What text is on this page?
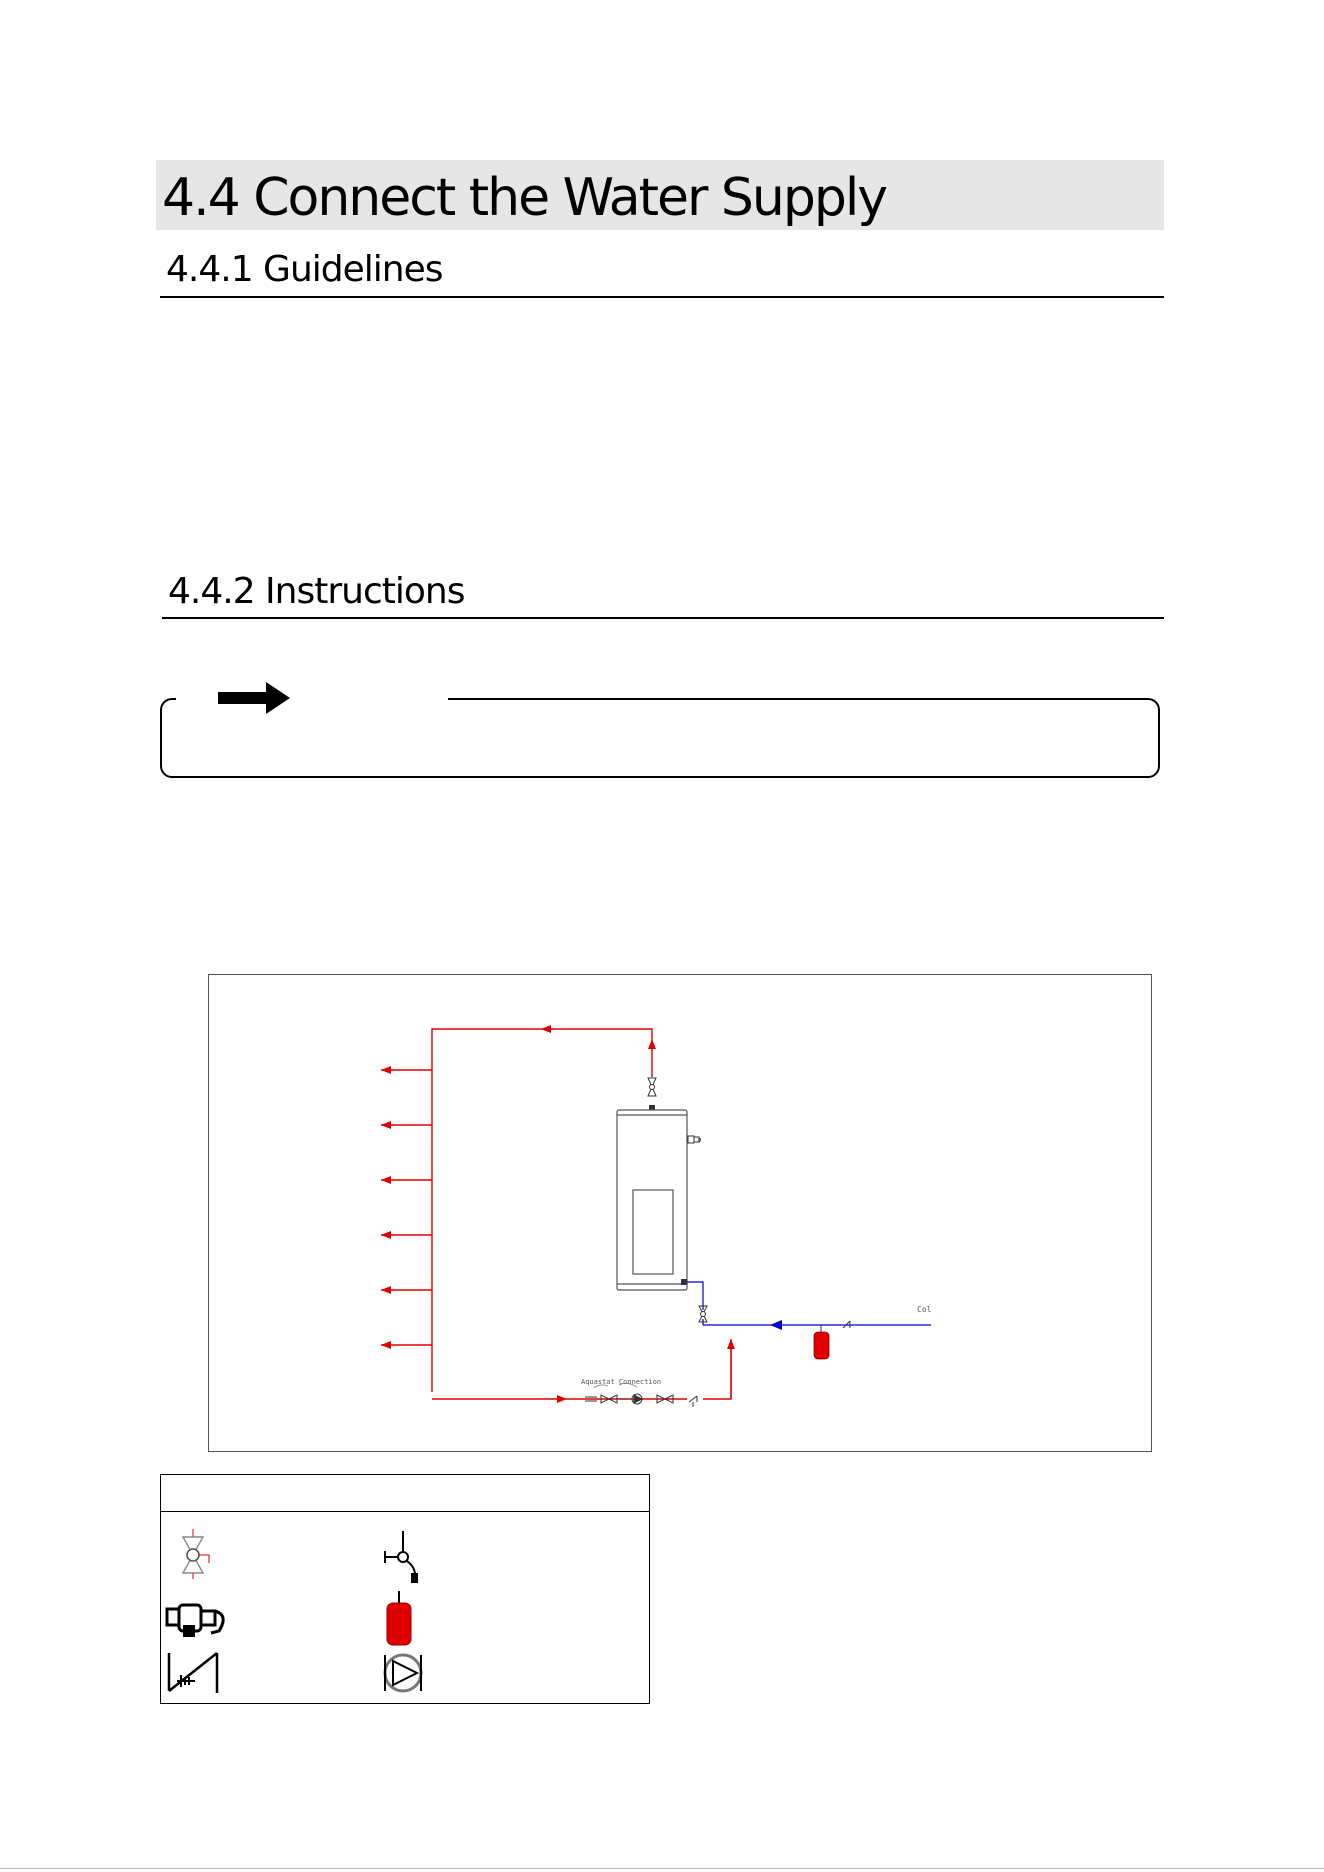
4.4 Connect the Water Supply
4.4.1 Guidelines
4.4.2 Instructions
Col
Aquastat Connection
